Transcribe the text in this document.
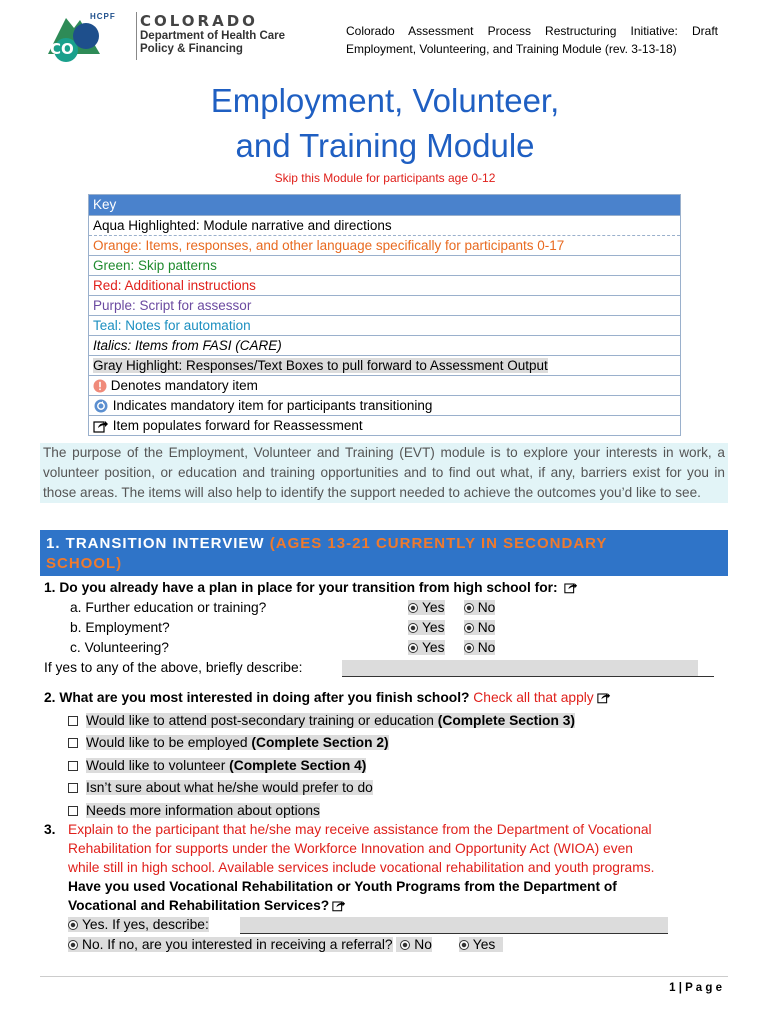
CO
HCPF COLORADO
Department of Health Care
Policy & Financing
Colorado Assessment Process Restructuring Initiative: Draft Employment, Volunteering, and Training Module (rev. 3-13-18)
Employment, Volunteer,
and Training Module
Skip this Module for participants age 0-12
Key
Aqua Highlighted: Module narrative and directions
Orange: Items, responses, and other language specifically for participants 0-17
Green: Skip patterns
Red: Additional instructions
Purple: Script for assessor
Teal: Notes for automation
Italics: Items from FASI (CARE)
Gray Highlight: Responses/Text Boxes to pull forward to Assessment Output
Denotes mandatory item
Indicates mandatory item for participants transitioning
Item populates forward for Reassessment
The purpose of the Employment, Volunteer and Training (EVT) module is to explore your interests in work, a volunteer position, or education and training opportunities and to find out what, if any, barriers exist for you in those areas. The items will also help to identify the support needed to achieve the outcomes you’d like to see.
1. TRANSITION INTERVIEW (AGES 13-21 CURRENTLY IN SECONDARY
SCHOOL)
1. Do you already have a plan in place for your transition from high school for:
a. Further education or training?	Yes No
b. Employment?	Yes No
c. Volunteering?	Yes No
If yes to any of the above, briefly describe:
2. What are you most interested in doing after you finish school? Check all that apply
Would like to attend post-secondary training or education (Complete Section 3)
Would like to be employed (Complete Section 2)
Would like to volunteer (Complete Section 4)
Isn’t sure about what he/she would prefer to do
Needs more information about options
3. Explain to the participant that he/she may receive assistance from the Department of Vocational
Rehabilitation for supports under the Workforce Innovation and Opportunity Act (WIOA) even
while still in high school. Available services include vocational rehabilitation and youth programs.
Have you used Vocational Rehabilitation or Youth Programs from the Department of
Vocational and Rehabilitation Services?
Yes. If yes, describe:
No. If no, are you interested in receiving a referral? No	Yes
1 | P a g e
